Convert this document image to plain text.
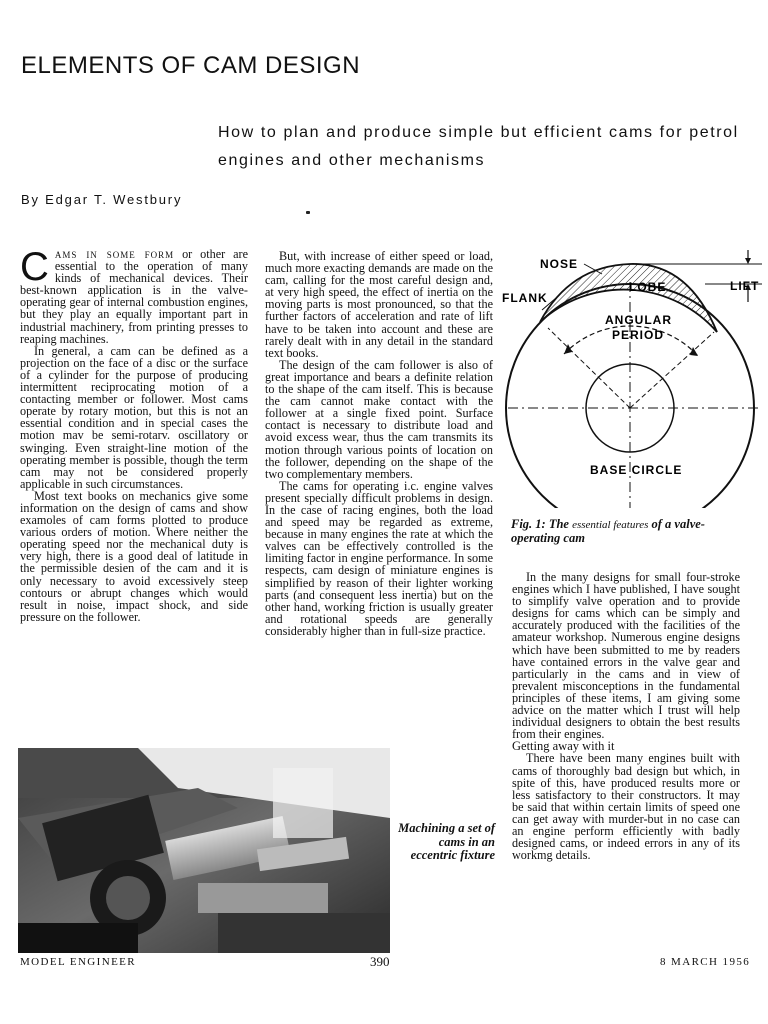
ELEMENTS OF CAM DESIGN
How to plan and produce simple but efficient cams for petrol engines and other mechanisms
By Edgar T. Westbury

Cams in some form or other are essential to the operation of many kinds of mechanical devices. Their best-known application is in the valve-operating gear of internal combustion engines, but they play an equally important part in industrial machinery, from printing presses to reaping machines.

In general, a cam can be defined as a projection on the face of a disc or the surface of a cylinder for the purpose of producing intermittent reciprocating motion of a contacting member or follower. Most cams operate by rotary motion, but this is not an essential condition and in special cases the motion mav be semi-rotarv. oscillatory or swinging. Even straight-line motion of the operating member is possible, though the term cam may not be considered properly applicable in such circumstances.

Most text books on mechanics give some information on the design of cams and show examoles of cam forms plotted to produce various orders of motion. Where neither the operating speed nor the mechanical duty is very high, there is a good deal of latitude in the permissible desien of the cam and it is only necessary to avoid excessively steep contours or abrupt changes which would result in noise, impact shock, and side pressure on the follower.

But, with increase of either speed or load, much more exacting demands are made on the cam, calling for the most careful design and, at very high speed, the effect of inertia on the moving parts is most pronounced, so that the further factors of acceleration and rate of lift have to be taken into account and these are rarely dealt with in any detail in the standard text books.

The design of the cam follower is also of great importance and bears a definite relation to the shape of the cam itself. This is because the cam cannot make contact with the follower at a single fixed point. Surface contact is necessary to distribute load and avoid excess wear, thus the cam transmits its motion through various points of location on the follower, depending on the shape of the two complementary members.

The cams for operating i.c. engine valves present specially difficult problems in design. In the case of racing engines, both the load and speed may be regarded as extreme, because in many engines the rate at which the valves can be effectively controlled is the limiting factor in engine performance. In some respects, cam design of miniature engines is simplified by reason of their lighter working parts (and consequent less inertia) but on the other hand, working friction is usually greater and rotational speeds are generally considerably higher than in full-size practice.

NOSE
LOBE	LIFT
FLANK
ANGULAR
PERIOD
BASE CIRCLE
Fig. 1: The essential features of a valve-operating cam

In the many designs for small four-stroke engines which I have published, I have sought to simplify valve operation and to provide designs for cams which can be simply and accurately produced with the facilities of the amateur workshop. Numerous engine designs which have been submitted to me by readers have contained errors in the valve gear and particularly in the cams and in view of prevalent misconceptions in the fundamental principles of these items, I am giving some advice on the matter which I trust will help individual designers to obtain the best results from their engines.

Getting away with it

There have been many engines built with cams of thoroughly bad design but which, in spite of this, have produced results more or less satisfactory to their constructors. It may be said that within certain limits of speed one can get away with murder-but in no case can an engine perform efficiently with badly designed cams, or indeed errors in any of its workmg details.

Machining a set of cams in an eccentric fixture
MODEL ENGINEER	390	8 MARCH 1956
